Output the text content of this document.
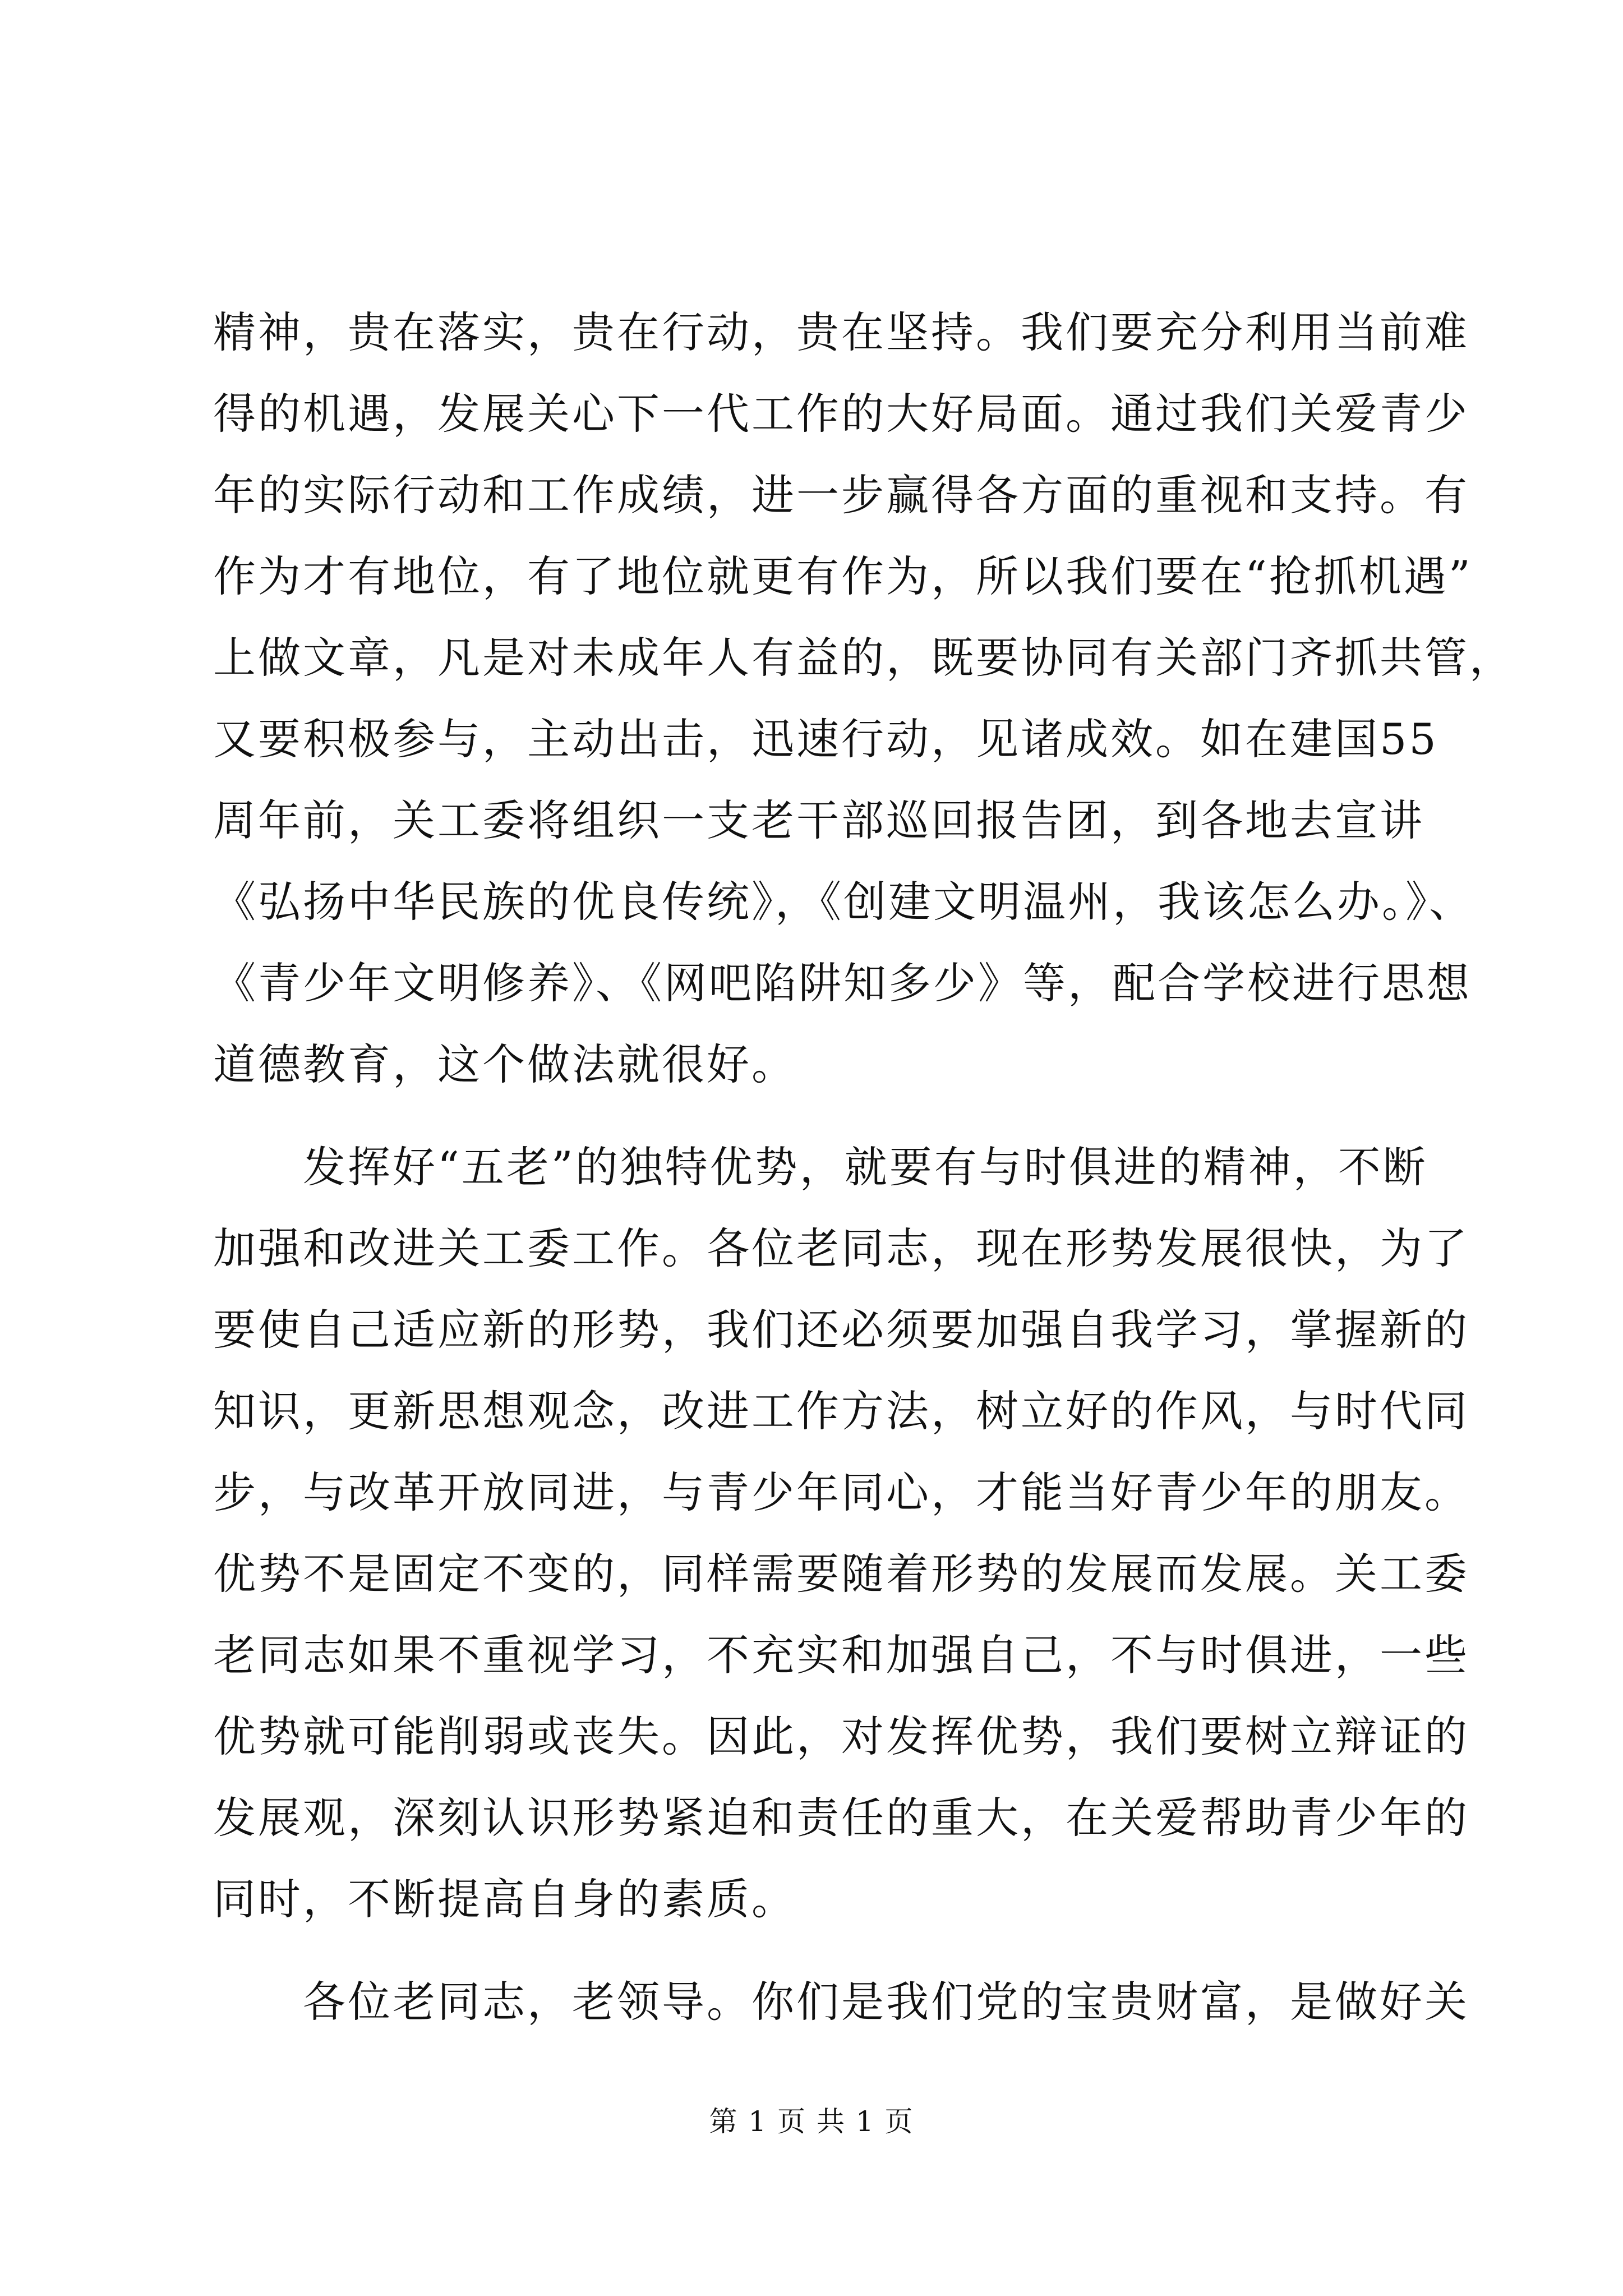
精神，贵在落实，贵在行动，贵在坚持。我们要充分利用当前难
得的机遇，发展关心下一代工作的大好局面。通过我们关爱青少
年的实际行动和工作成绩，进一步赢得各方面的重视和支持。有
作为才有地位，有了地位就更有作为，所以我们要在“抢抓机遇”
上做文章，凡是对未成年人有益的，既要协同有关部门齐抓共管，
又要积极参与，主动出击，迅速行动，见诸成效。如在建国55
周年前，关工委将组织一支老干部巡回报告团，到各地去宣讲
《弘扬中华民族的优良传统》，《创建文明温州，我该怎么办。》、
《青少年文明修养》、《网吧陷阱知多少》等，配合学校进行思想
道德教育，这个做法就很好。
　　发挥好“五老”的独特优势，就要有与时俱进的精神，不断
加强和改进关工委工作。各位老同志，现在形势发展很快，为了
要使自己适应新的形势，我们还必须要加强自我学习，掌握新的
知识，更新思想观念，改进工作方法，树立好的作风，与时代同
步，与改革开放同进，与青少年同心，才能当好青少年的朋友。
优势不是固定不变的，同样需要随着形势的发展而发展。关工委
老同志如果不重视学习，不充实和加强自己，不与时俱进，一些
优势就可能削弱或丧失。因此，对发挥优势，我们要树立辩证的
发展观，深刻认识形势紧迫和责任的重大，在关爱帮助青少年的
同时，不断提高自身的素质。
　　各位老同志，老领导。你们是我们党的宝贵财富，是做好关
第 1 页 共 1 页
